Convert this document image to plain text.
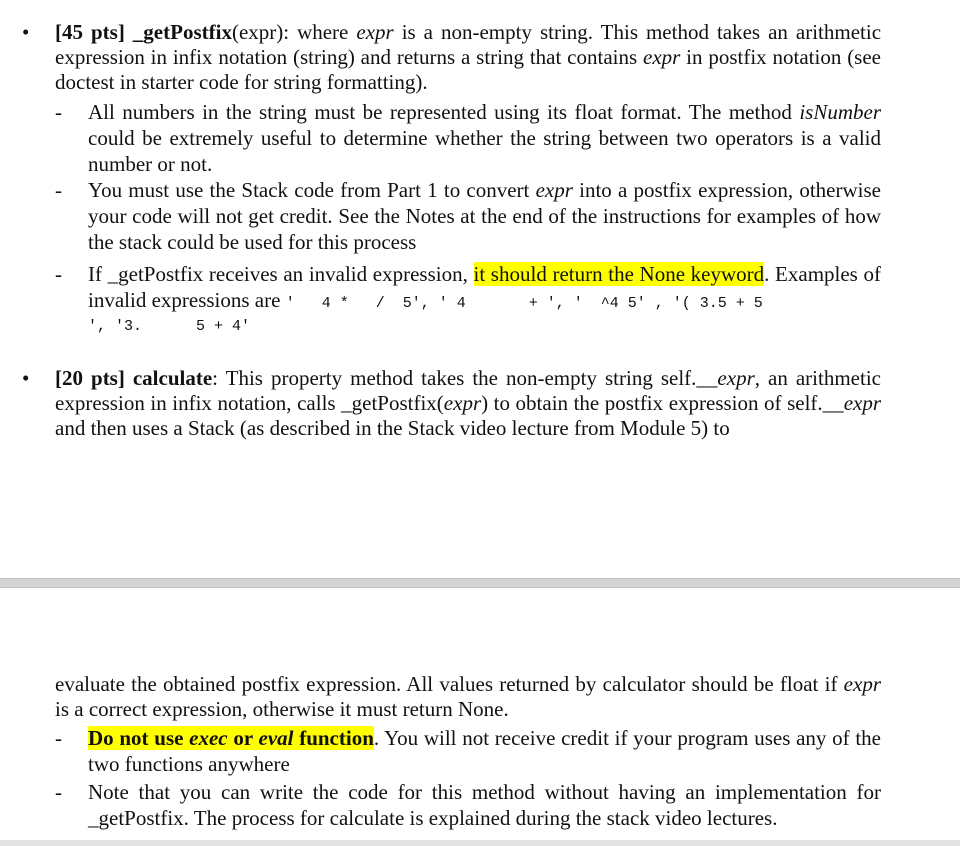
• [45 pts] _getPostfix(expr): where expr is a non-empty string. This method takes an arithmetic expression in infix notation (string) and returns a string that contains expr in postfix notation (see doctest in starter code for string formatting).
- All numbers in the string must be represented using its float format. The method isNumber could be extremely useful to determine whether the string between two operators is a valid number or not.
- You must use the Stack code from Part 1 to convert expr into a postfix expression, otherwise your code will not get credit. See the Notes at the end of the instructions for examples of how the stack could be used for this process
- If _getPostfix receives an invalid expression, it should return the None keyword. Examples of invalid expressions are '   4 *   /  5', ' 4       + ', '  ^4 5' , '( 3.5 + 5
', '3.      5 + 4'
• [20 pts] calculate: This property method takes the non-empty string self.__expr, an arithmetic expression in infix notation, calls _getPostfix(expr) to obtain the postfix expression of self.__expr and then uses a Stack (as described in the Stack video lecture from Module 5) to
evaluate the obtained postfix expression. All values returned by calculator should be float if expr is a correct expression, otherwise it must return None.
- Do not use exec or eval function. You will not receive credit if your program uses any of the two functions anywhere
- Note that you can write the code for this method without having an implementation for _getPostfix. The process for calculate is explained during the stack video lectures.
